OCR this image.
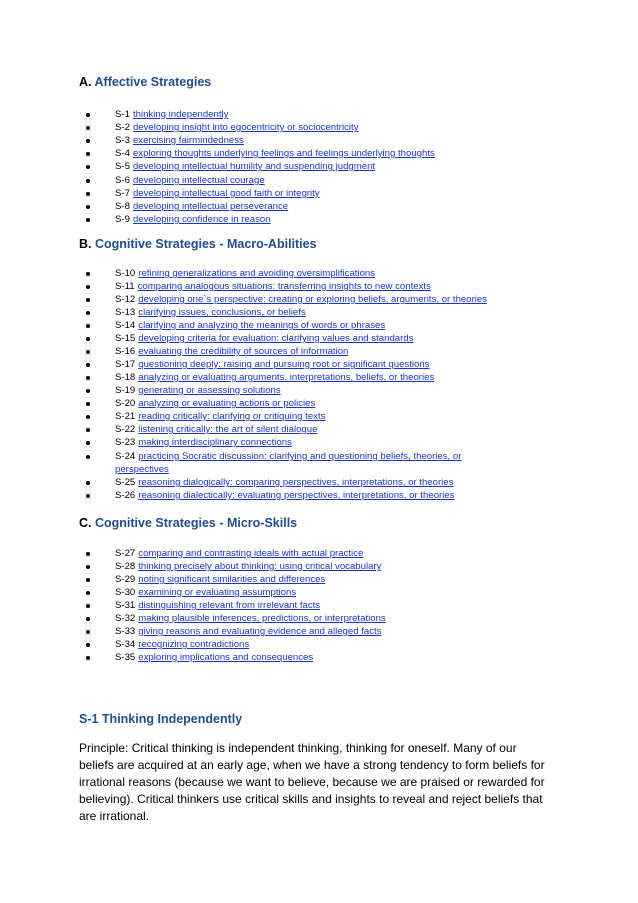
A. Affective Strategies
S-1 thinking independently
S-2 developing insight into egocentricity or sociocentricity
S-3 exercising fairmindedness
S-4 exploring thoughts underlying feelings and feelings underlying thoughts
S-5 developing intellectual humility and suspending judgment
S-6 developing intellectual courage
S-7 developing intellectual good faith or integrity
S-8 developing intellectual perseverance
S-9 developing confidence in reason
B. Cognitive Strategies - Macro-Abilities
S-10 refining generalizations and avoiding oversimplifications
S-11 comparing analogous situations: transferring insights to new contexts
S-12 developing one`s perspective: creating or exploring beliefs, arguments, or theories
S-13 clarifying issues, conclusions, or beliefs
S-14 clarifying and analyzing the meanings of words or phrases
S-15 developing criteria for evaluation: clarifying values and standards
S-16 evaluating the credibility of sources of information
S-17 questioning deeply: raising and pursuing root or significant questions
S-18 analyzing or evaluating arguments, interpretations, beliefs, or theories
S-19 generating or assessing solutions
S-20 analyzing or evaluating actions or policies
S-21 reading critically: clarifying or critiquing texts
S-22 listening critically: the art of silent dialogue
S-23 making interdisciplinary connections
S-24 practicing Socratic discussion: clarifying and questioning beliefs, theories, or perspectives
S-25 reasoning dialogically: comparing perspectives, interpretations, or theories
S-26 reasoning dialectically: evaluating perspectives, interpretations, or theories
C. Cognitive Strategies - Micro-Skills
S-27 comparing and contrasting ideals with actual practice
S-28 thinking precisely about thinking: using critical vocabulary
S-29 noting significant similarities and differences
S-30 examining or evaluating assumptions
S-31 distinguishing relevant from irrelevant facts
S-32 making plausible inferences, predictions, or interpretations
S-33 giving reasons and evaluating evidence and alleged facts
S-34 recognizing contradictions
S-35 exploring implications and consequences
S-1 Thinking Independently

Principle: Critical thinking is independent thinking, thinking for oneself. Many of our beliefs are acquired at an early age, when we have a strong tendency to form beliefs for irrational reasons (because we want to believe, because we are praised or rewarded for believing). Critical thinkers use critical skills and insights to reveal and reject beliefs that are irrational.
